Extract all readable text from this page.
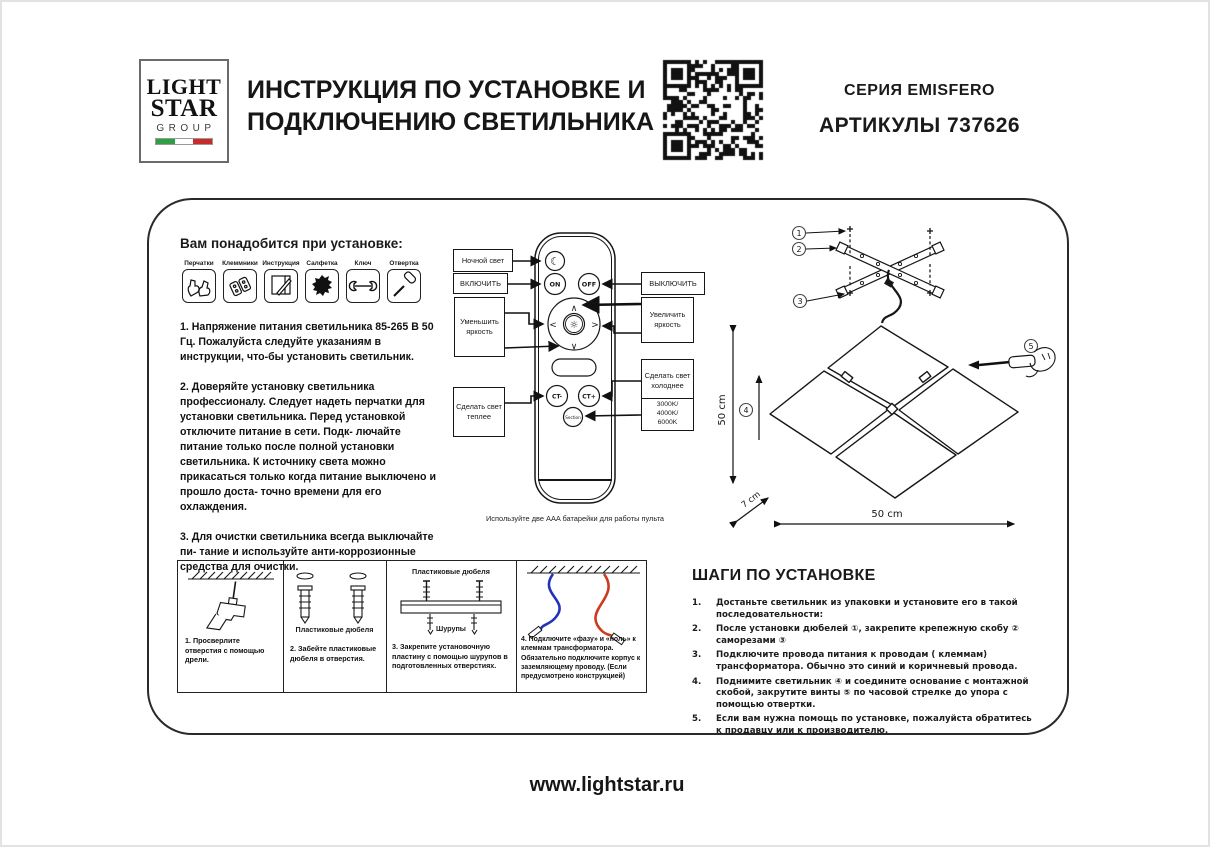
LIGHT
STAR
GROUP
ИНСТРУКЦИЯ ПО УСТАНОВКЕ И
ПОДКЛЮЧЕНИЮ СВЕТИЛЬНИКА
СЕРИЯ EMISFERO
АРТИКУЛЫ 737626
Вам понадобится при установке:
Перчатки	Клеммники Инструкция	Салфетка	Ключ	Отвертка

1. Напряжение питания светильника 85-265 В 50 Гц. Пожалуйста следуйте указаниям в инструкции, что-бы установить светильник.

2. Доверяйте установку светильника профессионалу. Следует надеть перчатки для установки светильника. Перед установкой отключите питание в сети. Подк- лючайте питание только после полной установки светильника. К источнику света можно прикасаться только когда питание выключено и прошло доста- точно времени для его охлаждения.

3. Для очистки светильника всегда выключайте пи- тание и используйте анти-коррозионные средства для очистки.

☾
ON	OFF
∧
∨
<	>
☼
CT-	CT+
Section
Ночной свет
ВКЛЮЧИТЬ
Уменьшить яркость
Сделать свет теплее
ВЫКЛЮЧИТЬ
Увеличить яркость
Сделать свет холоднее
3000K/
4000K/
6000K
Используйте две AAA батарейки для работы пульта
1
2
3
50 cm 4
7 cm
50 cm
5
1. Просверлите отверстия с помощью дрели.
Пластиковые дюбеля
2. Забейте пластиковые дюбеля в отверстия.
Пластиковые дюбеля
Шурупы
3. Закрепите установочную пластину с помощью шурупов в подготовленных отверстиях.
4. Подключите «фазу» и «ноль» к клеммам трансформатора. Обязательно подключите корпус к заземляющему проводу. (Если предусмотрено конструкцией)
ШАГИ ПО УСТАНОВКЕ
1.	Достаньте светильник из упаковки и установите его в такой последовательности:
2.	После установки дюбелей ①, закрепите крепежную скобу ② саморезами ③
3.	Подключите провода питания к проводам ( клеммам) трансформатора. Обычно это синий и коричневый провода.
4.	Поднимите светильник ④ и соедините основание с монтажной скобой, закрутите винты ⑤ по часовой стрелке до упора с помощью отвертки.
5.	Если вам нужна помощь по установке, пожалуйста обратитесь к продавцу или к производителю.
www.lightstar.ru
